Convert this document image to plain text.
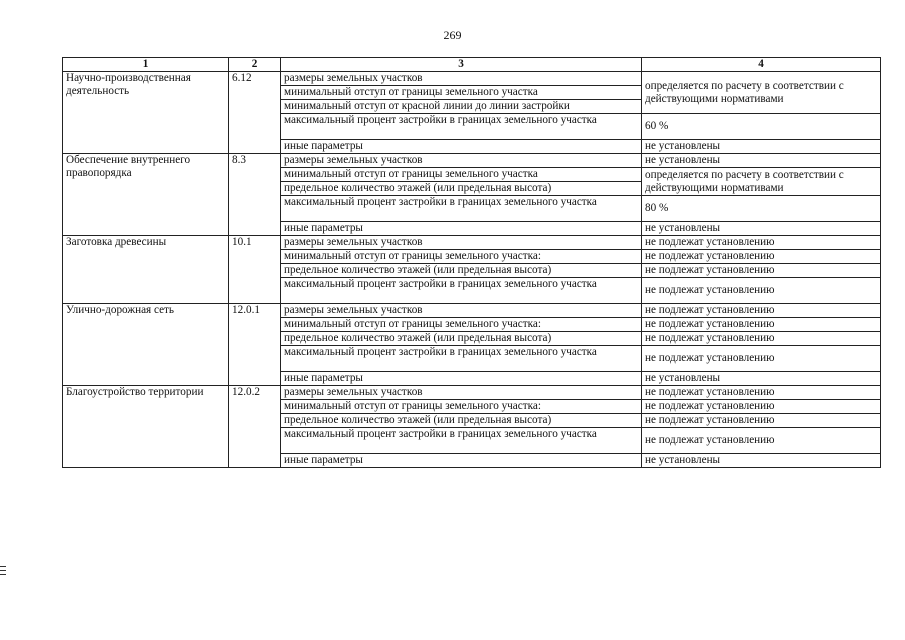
269
1	2	3	4
Научно-производственная деятельность	6.12	размеры земельных участков	определяется по расчету в соответствии с действующими нормативами
		минимальный отступ от границы земельного участка	
		минимальный отступ от красной линии до линии застройки	
		максимальный процент застройки в границах земельного участка	60 %
		иные параметры	не установлены
Обеспечение внутреннего правопорядка	8.3	размеры земельных участков	не установлены
		минимальный отступ от границы земельного участка	определяется по расчету в соответствии с действующими нормативами
		предельное количество этажей (или предельная высота)	
		максимальный процент застройки в границах земельного участка	80 %
		иные параметры	не установлены
Заготовка древесины	10.1	размеры земельных участков	не подлежат установлению
		минимальный отступ от границы земельного участка:	не подлежат установлению
		предельное количество этажей (или предельная высота)	не подлежат установлению
		максимальный процент застройки в границах земельного участка	не подлежат установлению
Улично-дорожная сеть	12.0.1	размеры земельных участков	не подлежат установлению
		минимальный отступ от границы земельного участка:	не подлежат установлению
		предельное количество этажей (или предельная высота)	не подлежат установлению
		максимальный процент застройки в границах земельного участка	не подлежат установлению
		иные параметры	не установлены
Благоустройство территории	12.0.2	размеры земельных участков	не подлежат установлению
		минимальный отступ от границы земельного участка:	не подлежат установлению
		предельное количество этажей (или предельная высота)	не подлежат установлению
		максимальный процент застройки в границах земельного участка	не подлежат установлению
		иные параметры	не установлены
